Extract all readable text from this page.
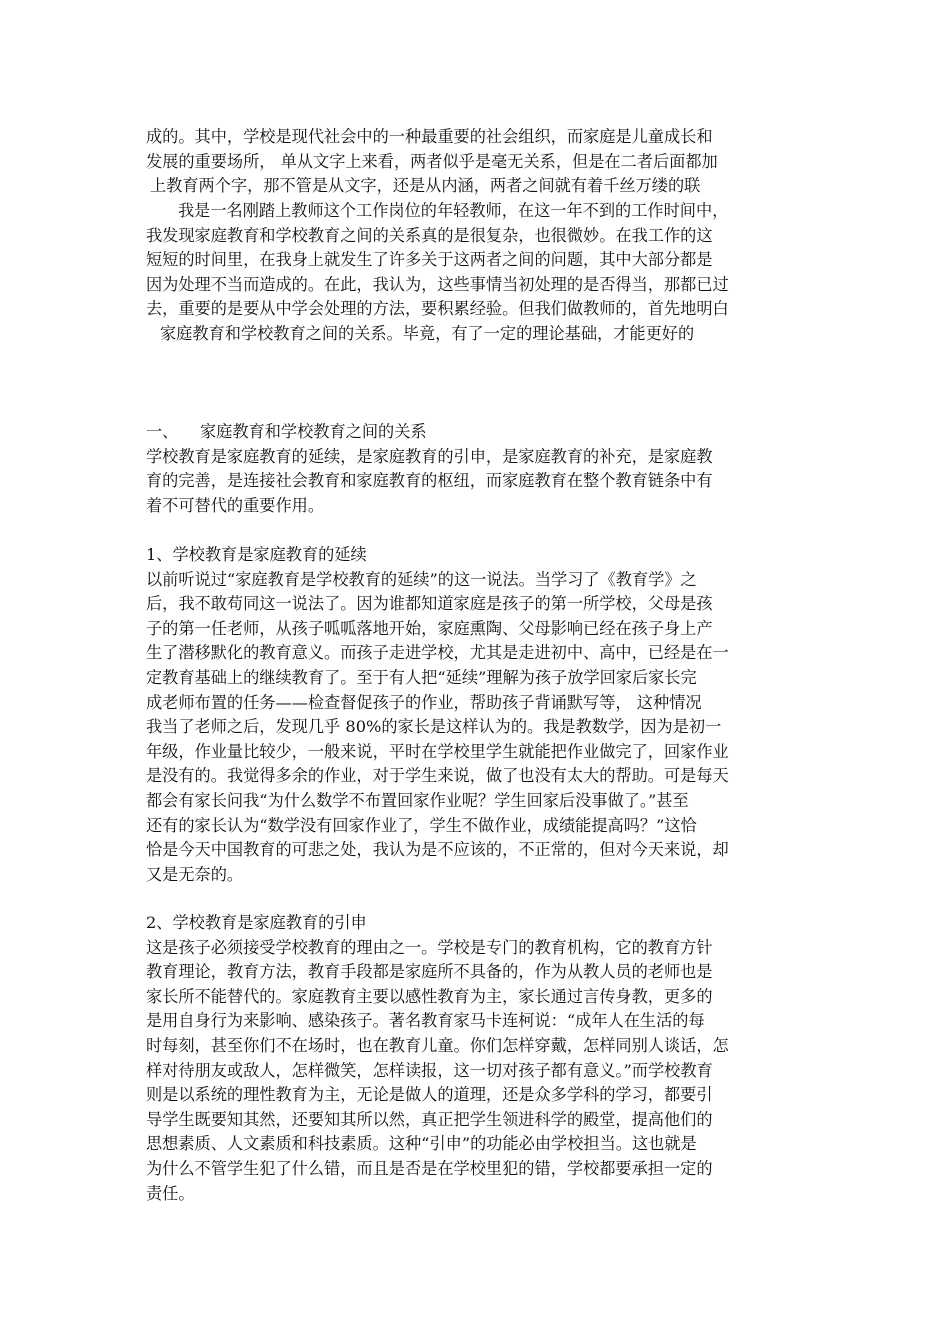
成的。其中，学校是现代社会中的一种最重要的社会组织，而家庭是儿童成长和
发展的重要场所， 单从文字上来看，两者似乎是毫无关系，但是在二者后面都加
上教育两个字，那不管是从文字，还是从内涵，两者之间就有着千丝万缕的联
我是一名刚踏上教师这个工作岗位的年轻教师，在这一年不到的工作时间中，
我发现家庭教育和学校教育之间的关系真的是很复杂，也很微妙。在我工作的这
短短的时间里，在我身上就发生了许多关于这两者之间的问题，其中大部分都是
因为处理不当而造成的。在此，我认为，这些事情当初处理的是否得当，那都已过
去，重要的是要从中学会处理的方法，要积累经验。但我们做教师的，首先地明白
家庭教育和学校教育之间的关系。毕竟，有了一定的理论基础，才能更好的
一、 家庭教育和学校教育之间的关系
学校教育是家庭教育的延续，是家庭教育的引申，是家庭教育的补充，是家庭教
育的完善，是连接社会教育和家庭教育的枢纽，而家庭教育在整个教育链条中有
着不可替代的重要作用。
1、学校教育是家庭教育的延续
以前听说过“家庭教育是学校教育的延续”的这一说法。当学习了《教育学》之
后，我不敢苟同这一说法了。因为谁都知道家庭是孩子的第一所学校，父母是孩
子的第一任老师，从孩子呱呱落地开始，家庭熏陶、父母影响已经在孩子身上产
生了潜移默化的教育意义。而孩子走进学校，尤其是走进初中、高中，已经是在一
定教育基础上的继续教育了。至于有人把“延续”理解为孩子放学回家后家长完
成老师布置的任务——检查督促孩子的作业，帮助孩子背诵默写等， 这种情况
我当了老师之后，发现几乎 80%的家长是这样认为的。我是教数学，因为是初一
年级，作业量比较少，一般来说，平时在学校里学生就能把作业做完了，回家作业
是没有的。我觉得多余的作业，对于学生来说，做了也没有太大的帮助。可是每天
都会有家长问我“为什么数学不布置回家作业呢？学生回家后没事做了。”甚至
还有的家长认为“数学没有回家作业了，学生不做作业，成绩能提高吗？”这恰
恰是今天中国教育的可悲之处，我认为是不应该的，不正常的，但对今天来说，却
又是无奈的。
2、学校教育是家庭教育的引申
这是孩子必须接受学校教育的理由之一。学校是专门的教育机构，它的教育方针
教育理论，教育方法，教育手段都是家庭所不具备的，作为从教人员的老师也是
家长所不能替代的。家庭教育主要以感性教育为主，家长通过言传身教，更多的
是用自身行为来影响、感染孩子。著名教育家马卡连柯说：“成年人在生活的每
时每刻，甚至你们不在场时，也在教育儿童。你们怎样穿戴，怎样同别人谈话，怎
样对待朋友或敌人，怎样微笑，怎样读报，这一切对孩子都有意义。”而学校教育
则是以系统的理性教育为主，无论是做人的道理，还是众多学科的学习，都要引
导学生既要知其然，还要知其所以然，真正把学生领进科学的殿堂，提高他们的
思想素质、人文素质和科技素质。这种“引申”的功能必由学校担当。这也就是
为什么不管学生犯了什么错，而且是否是在学校里犯的错，学校都要承担一定的
责任。
